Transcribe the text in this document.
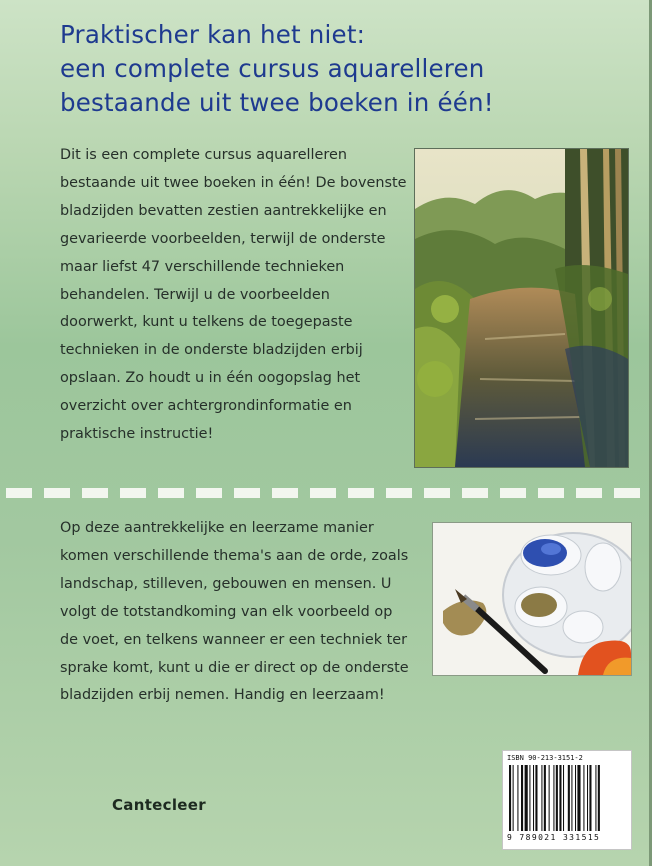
Praktischer kan het niet:
een complete cursus aquarelleren
bestaande uit twee boeken in één!
Dit is een complete cursus aquarelleren
bestaande uit twee boeken in één! De bovenste
bladzijden bevatten zestien aantrekkelijke en
gevarieerde voorbeelden, terwijl de onderste
maar liefst 47 verschillende technieken
behandelen. Terwijl u de voorbeelden
doorwerkt, kunt u telkens de toegepaste
technieken in de onderste bladzijden erbij
opslaan. Zo houdt u in één oogopslag het
overzicht over achtergrondinformatie en
praktische instructie!
Op deze aantrekkelijke en leerzame manier
komen verschillende thema's aan de orde, zoals
landschap, stilleven, gebouwen en mensen. U
volgt de totstandkoming van elk voorbeeld op
de voet, en telkens wanneer er een techniek ter
sprake komt, kunt u die er direct op de onderste
bladzijden erbij nemen. Handig en leerzaam!
Cantecleer
ISBN 90-213-3151-2
9 789021 331515
